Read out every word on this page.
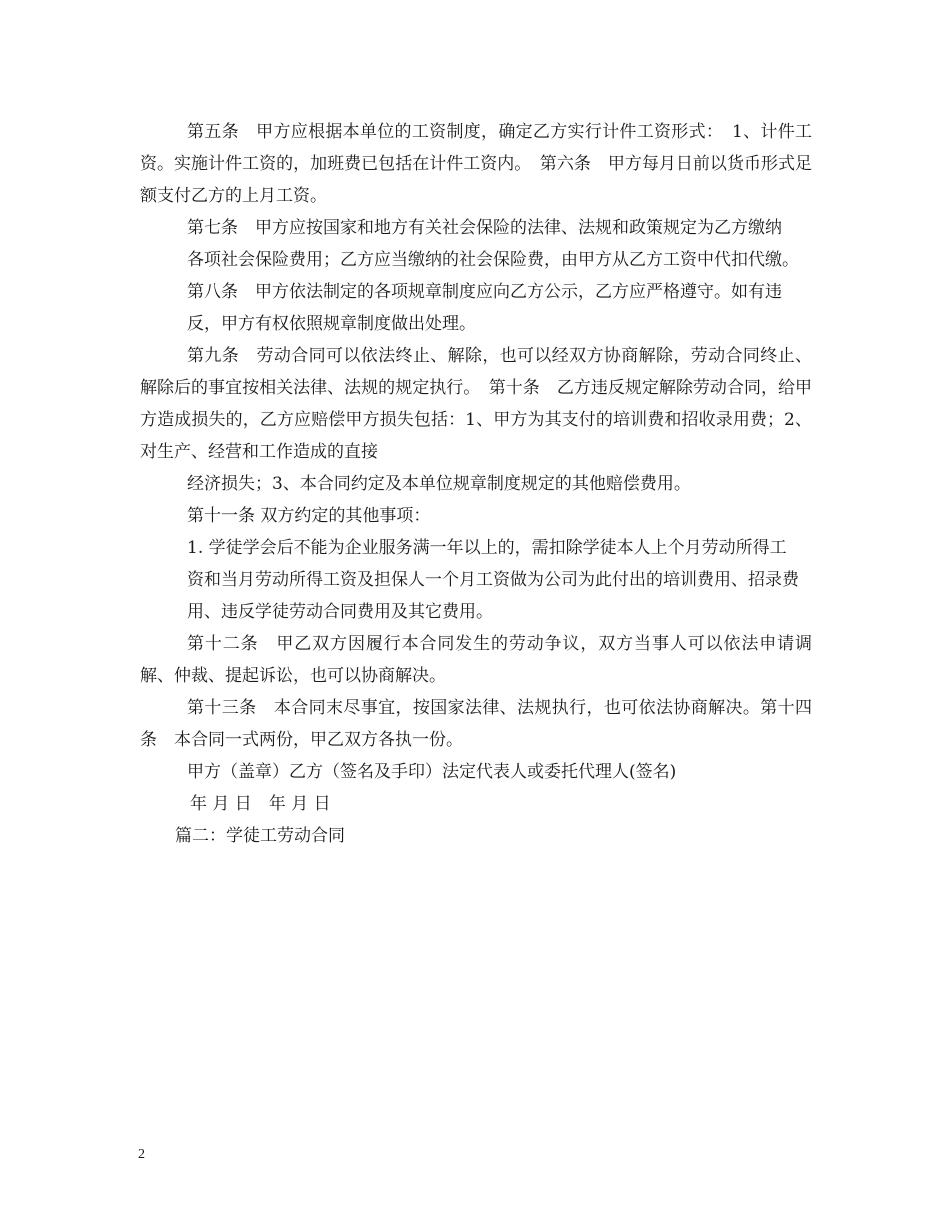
第五条　甲方应根据本单位的工资制度，确定乙方实行计件工资形式：　1、计件工资。实施计件工资的，加班费已包括在计件工资内。　第六条　甲方每月日前以货币形式足额支付乙方的上月工资。

第七条　甲方应按国家和地方有关社会保险的法律、法规和政策规定为乙方缴纳

各项社会保险费用；乙方应当缴纳的社会保险费，由甲方从乙方工资中代扣代缴。

第八条　甲方依法制定的各项规章制度应向乙方公示，乙方应严格遵守。如有违

反，甲方有权依照规章制度做出处理。

第九条　劳动合同可以依法终止、解除，也可以经双方协商解除，劳动合同终止、解除后的事宜按相关法律、法规的规定执行。　第十条　乙方违反规定解除劳动合同，给甲方造成损失的，乙方应赔偿甲方损失包括：1、甲方为其支付的培训费和招收录用费；2、对生产、经营和工作造成的直接

经济损失；3、本合同约定及本单位规章制度规定的其他赔偿费用。

第十一条 双方约定的其他事项：

1. 学徒学会后不能为企业服务满一年以上的，需扣除学徒本人上个月劳动所得工

资和当月劳动所得工资及担保人一个月工资做为公司为此付出的培训费用、招录费

用、违反学徒劳动合同费用及其它费用。

第十二条　甲乙双方因履行本合同发生的劳动争议，双方当事人可以依法申请调解、仲裁、提起诉讼，也可以协商解决。

第十三条　本合同末尽事宜，按国家法律、法规执行，也可依法协商解决。第十四条　本合同一式两份，甲乙双方各执一份。

甲方（盖章）乙方（签名及手印）法定代表人或委托代理人(签名)

年 月 日　年 月 日

篇二：学徒工劳动合同

2
